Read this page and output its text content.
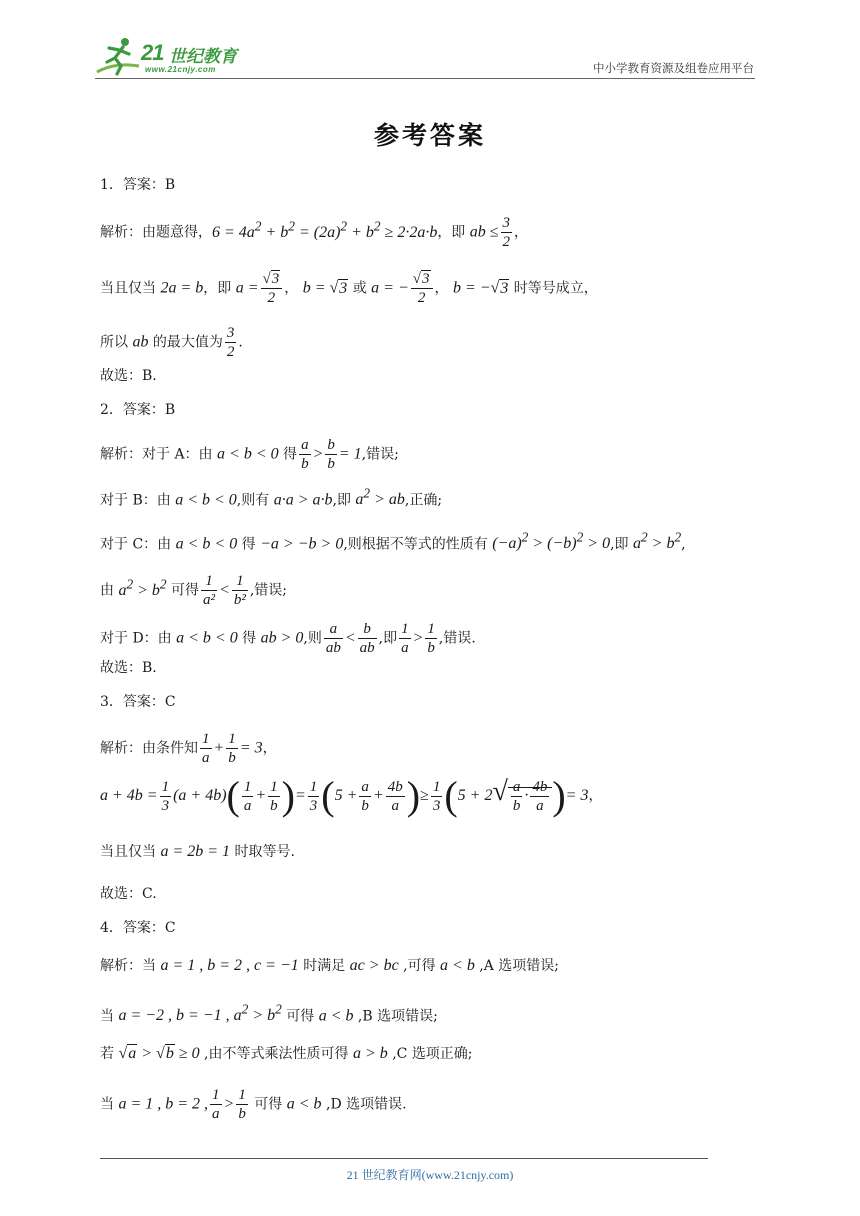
21 世纪教育
www.21cnjy.com	中小学教育资源及组卷应用平台
参考答案
1．答案：B
解析：由题意得，$6 = 4a^2 + b^2 = (2a)^2 + b^2 \ge 2\cdot 2a\cdot b$，即 ab ≤ $\frac{3}{2}$ ，
当且仅当 2a = b，即 $a = \frac{√3}{2}$ ， b = √3 或 a = − $\frac{√3}{2}$ ， b = −√3 时等号成立，
所以 ab 的最大值为 $\frac{3}{2}$ .
故选：B.
2．答案：B
解析：对于 A：由 a < b < 0 得 $\frac{a}{b} > \frac{b}{b} = 1$,错误;
对于 B：由 a < b < 0,则有 a·a > a·b,即 $a^2$ > ab,正确;
对于 C：由 a < b < 0 得 −a > −b > 0,则根据不等式的性质有 $(-a)^2 > (-b)^2 > 0$,即 $a^2 > b^2$,
由 $a^2 > b^2$ 可得 $\frac{1}{\text{a²}} < \frac{1}{\text{b²}}$ ,错误;
对于 D：由 a < b < 0 得 ab > 0,则 $\frac{a}{ab} < \frac{b}{ab}$ ,即 $\frac{1}{a} > \frac{1}{b}$ ,错误.
故选：B.
3．答案：C
解析：由条件知 $\frac{1}{a} + \frac{1}{b} = 3$，
$a + 4b = \frac{1}{3} (a + 4b)( \frac{1}{a} + \frac{1}{b}$ )= $\frac{1}{3} (5 + \frac{a}{b} + \frac{4b}{a}$ )≥ $\frac{1}{3} (5 + 2√ \frac{a}{b} \cdot \frac{4b}{a}$ )= 3，
当且仅当 a = 2b = 1 时取等号.
故选：C.
4．答案：C
解析：当 a = 1 , b = 2 , c = −1 时满足 ac > bc ,可得 a < b ,A 选项错误;
当 a = −2 , b = −1 , $a^2 > b^2$ 可得 a < b ,B 选项错误;
若 √a > √b ≥ 0 ,由不等式乘法性质可得 a > b ,C 选项正确;
当 a = 1 , b = 2 , $\frac{1}{a} > \frac{1}{b}$ 可得 a < b ,D 选项错误.
21 世纪教育网(www.21cnjy.com)
